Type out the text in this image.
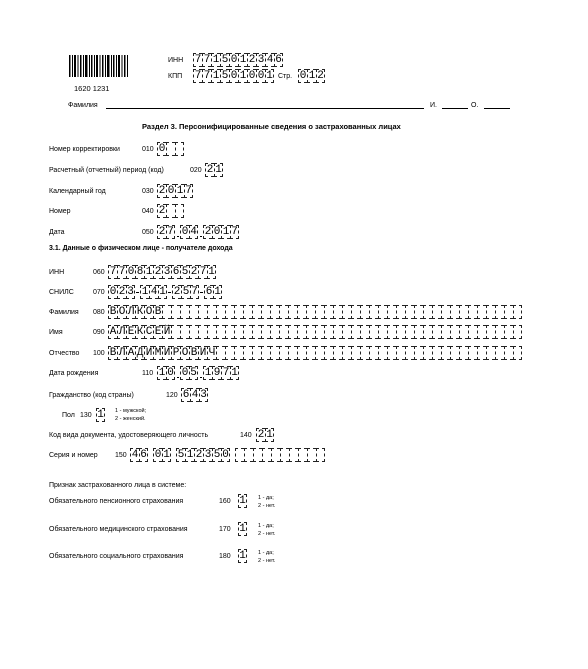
1620 1231
ИНН 7 7 1 5 0 1 2 3 4 6
КПП 7 7 1 5 0 1 0 0 1 Стр. 0 1 2
Фамилия	И.	О.
Раздел 3. Персонифицированные сведения о застрахованных лицах
Номер корректировки	010 0
Расчетный (отчетный) период (код)	020 2 1
Календарный год	030 2 0 1 7
Номер	040 2
Дата	050 2 7 0 4 2 0 1 7
3.1. Данные о физическом лице - получателе дохода
ИНН	060 7 7 0 8 1 2 3 6 5 2 7 1
СНИЛС	070 0 2 3 1 4 1 2 5 7 6 1
Фамилия 080 В О Л К О В
Имя	090 А Л Е К С Е Й
Отчество 100 В Л А Д И М И Р О В И Ч
Дата рождения	110 1 0 0 5 1 9 7 1
Гражданство (код страны)	120 6 4 3
Пол 130 1 1 - мужской;
2 - женский.
Код вида документа, удостоверяющего личность	140 2 1
Серия и номер 150 4 6 0 1 5 1 2 3 5 0
Признак застрахованного лица в системе:
Обязательного пенсионного страхования	160 1 1 - да;
2 - нет.
Обязательного медицинского страхования	170 1 1 - да;
2 - нет.
Обязательного социального страхования	180 1 1 - да;
2 - нет.
